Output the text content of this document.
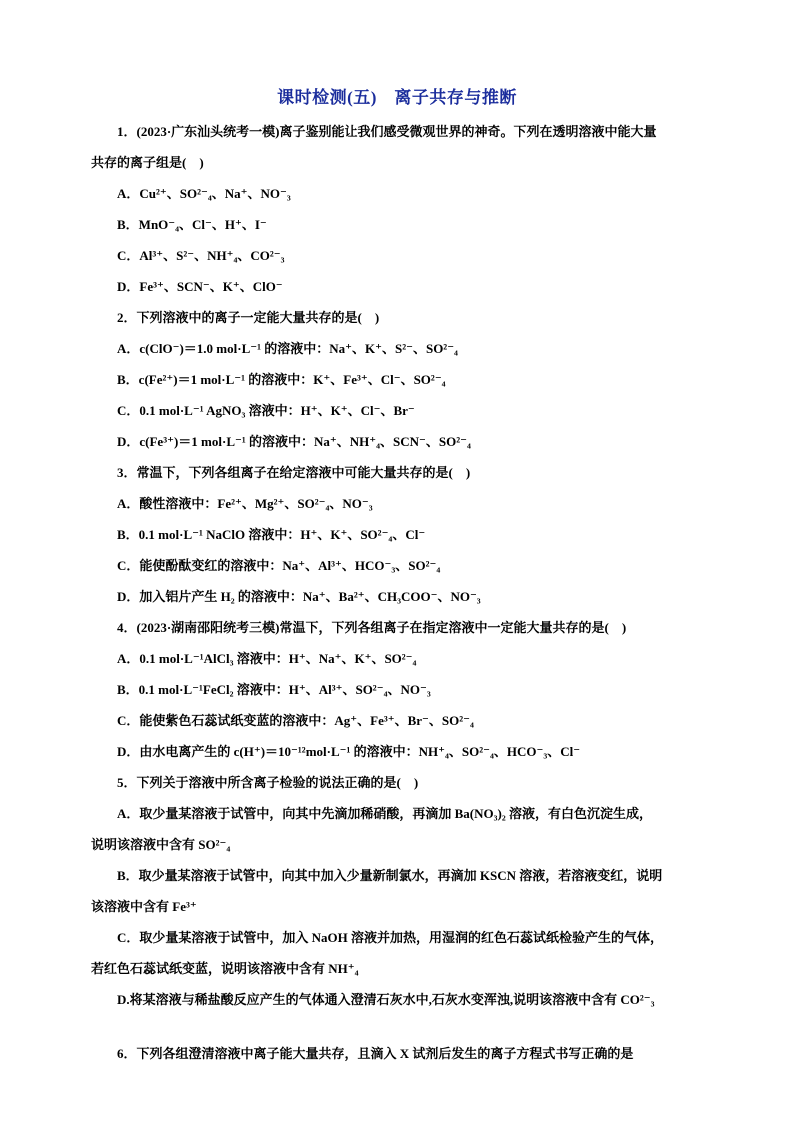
课时检测(五)　离子共存与推断
1．(2023·广东汕头统考一模)离子鉴别能让我们感受微观世界的神奇。下列在透明溶液中能大量
共存的离子组是(　)
A．Cu²⁺、SO²⁻₄、Na⁺、NO⁻₃
B．MnO⁻₄、Cl⁻、H⁺、I⁻
C．Al³⁺、S²⁻、NH⁺₄、CO²⁻₃
D．Fe³⁺、SCN⁻、K⁺、ClO⁻
2．下列溶液中的离子一定能大量共存的是(　)
A．c(ClO⁻)＝1.0 mol·L⁻¹ 的溶液中：Na⁺、K⁺、S²⁻、SO²⁻₄
B．c(Fe²⁺)＝1 mol·L⁻¹ 的溶液中：K⁺、Fe³⁺、Cl⁻、SO²⁻₄
C．0.1 mol·L⁻¹ AgNO₃ 溶液中：H⁺、K⁺、Cl⁻、Br⁻
D．c(Fe³⁺)＝1 mol·L⁻¹ 的溶液中：Na⁺、NH⁺₄、SCN⁻、SO²⁻₄
3．常温下，下列各组离子在给定溶液中可能大量共存的是(　)
A．酸性溶液中：Fe²⁺、Mg²⁺、SO²⁻₄、NO⁻₃
B．0.1 mol·L⁻¹ NaClO 溶液中：H⁺、K⁺、SO²⁻₄、Cl⁻
C．能使酚酞变红的溶液中：Na⁺、Al³⁺、HCO⁻₃、SO²⁻₄
D．加入铝片产生 H₂ 的溶液中：Na⁺、Ba²⁺、CH₃COO⁻、NO⁻₃
4．(2023·湖南邵阳统考三模)常温下，下列各组离子在指定溶液中一定能大量共存的是(　)
A．0.1 mol·L⁻¹AlCl₃ 溶液中：H⁺、Na⁺、K⁺、SO²⁻₄
B．0.1 mol·L⁻¹FeCl₂ 溶液中：H⁺、Al³⁺、SO²⁻₄、NO⁻₃
C．能使紫色石蕊试纸变蓝的溶液中：Ag⁺、Fe³⁺、Br⁻、SO²⁻₄
D．由水电离产生的 c(H⁺)＝10⁻¹²mol·L⁻¹ 的溶液中：NH⁺₄、SO²⁻₄、HCO⁻₃、Cl⁻
5．下列关于溶液中所含离子检验的说法正确的是(　)
A．取少量某溶液于试管中，向其中先滴加稀硝酸，再滴加 Ba(NO₃)₂ 溶液，有白色沉淀生成，
说明该溶液中含有 SO²⁻₄
B．取少量某溶液于试管中，向其中加入少量新制氯水，再滴加 KSCN 溶液，若溶液变红，说明
该溶液中含有 Fe³⁺
C．取少量某溶液于试管中，加入 NaOH 溶液并加热，用湿润的红色石蕊试纸检验产生的气体，
若红色石蕊试纸变蓝，说明该溶液中含有 NH⁺₄
D.将某溶液与稀盐酸反应产生的气体通入澄清石灰水中,石灰水变浑浊,说明该溶液中含有 CO²⁻₃
6．下列各组澄清溶液中离子能大量共存，且滴入 X 试剂后发生的离子方程式书写正确的是
